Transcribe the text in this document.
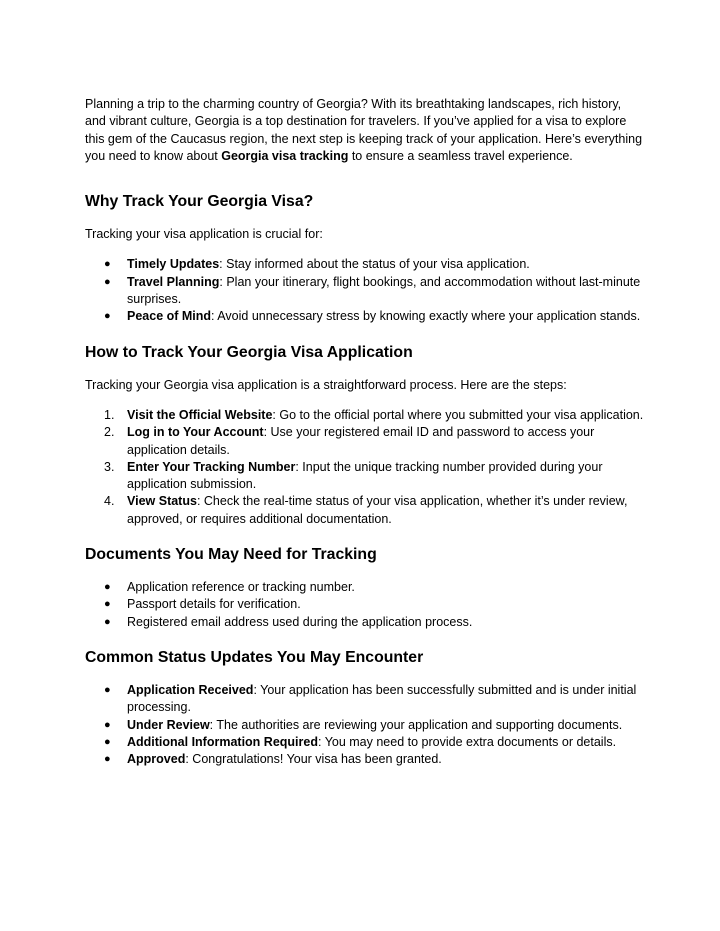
Planning a trip to the charming country of Georgia? With its breathtaking landscapes, rich history, and vibrant culture, Georgia is a top destination for travelers. If you’ve applied for a visa to explore this gem of the Caucasus region, the next step is keeping track of your application. Here’s everything you need to know about Georgia visa tracking to ensure a seamless travel experience.

Why Track Your Georgia Visa?

Tracking your visa application is crucial for:

● Timely Updates: Stay informed about the status of your visa application.
● Travel Planning: Plan your itinerary, flight bookings, and accommodation without last-minute surprises.
● Peace of Mind: Avoid unnecessary stress by knowing exactly where your application stands.
How to Track Your Georgia Visa Application

Tracking your Georgia visa application is a straightforward process. Here are the steps:

1.	Visit the Official Website: Go to the official portal where you submitted your visa application.
2.	Log in to Your Account: Use your registered email ID and password to access your application details.
3.	Enter Your Tracking Number: Input the unique tracking number provided during your application submission.
4.	View Status: Check the real-time status of your visa application, whether it’s under review, approved, or requires additional documentation.
Documents You May Need for Tracking
● Application reference or tracking number.
● Passport details for verification.
● Registered email address used during the application process.
Common Status Updates You May Encounter
● Application Received: Your application has been successfully submitted and is under initial processing.
● Under Review: The authorities are reviewing your application and supporting documents.
● Additional Information Required: You may need to provide extra documents or details.
● Approved: Congratulations! Your visa has been granted.
